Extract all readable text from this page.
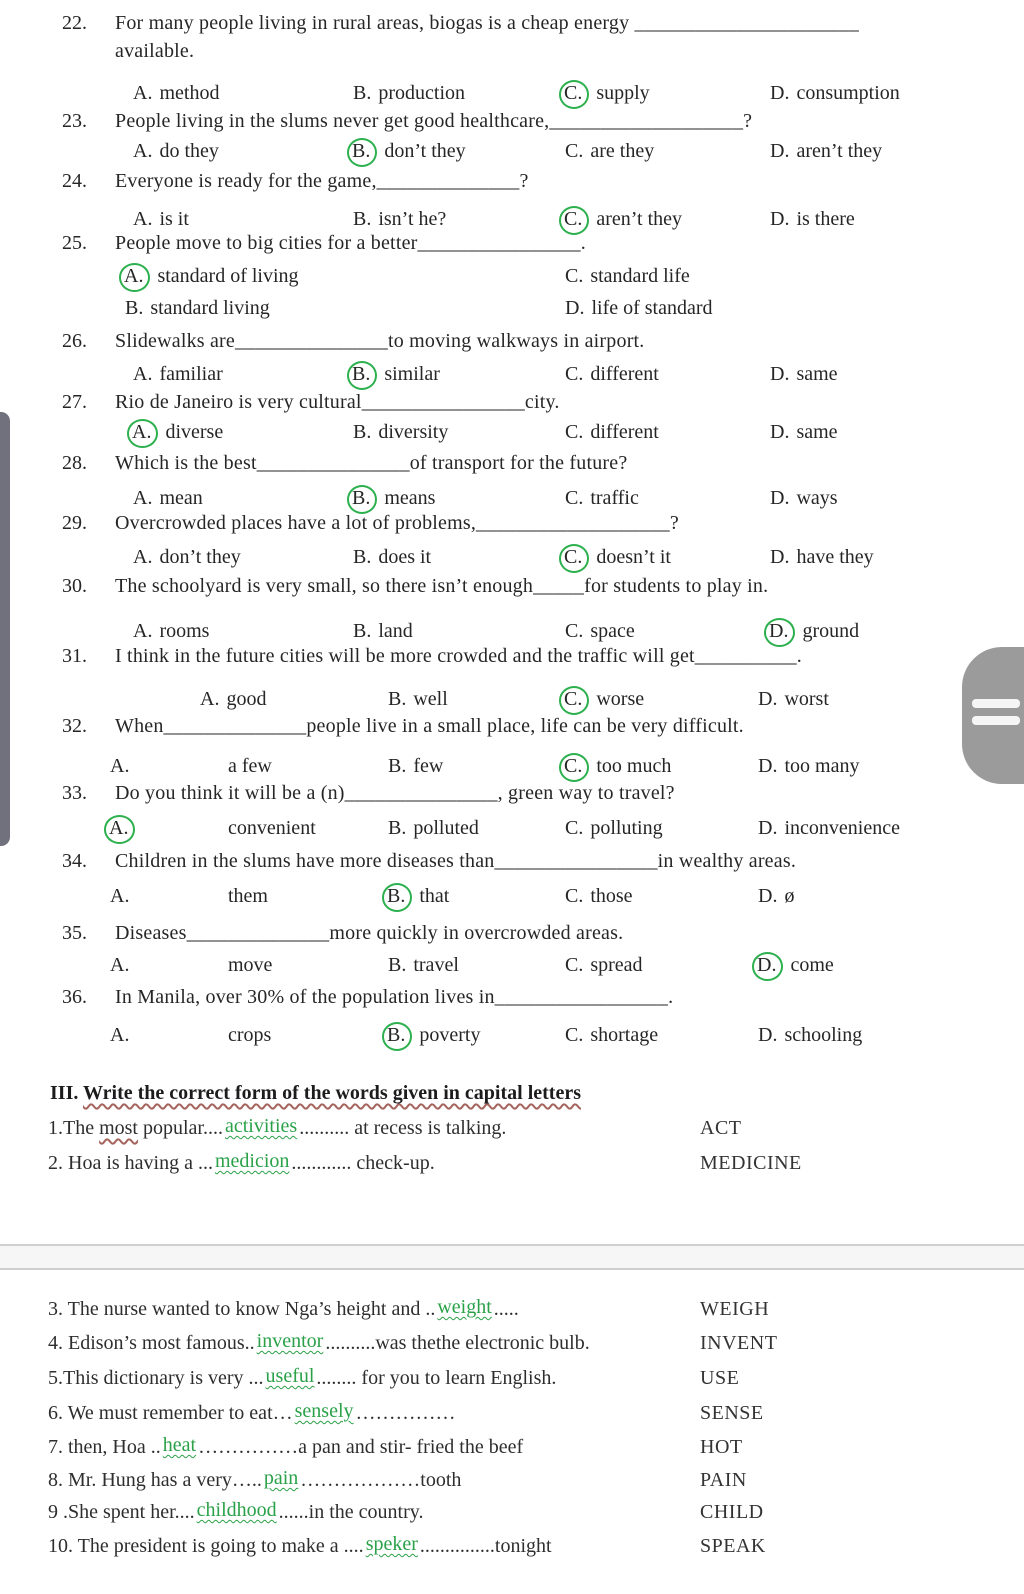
22. For many people living in rural areas, biogas is a cheap energy ______________________
available.
A. method	B. production	C. supply	D. consumption
23. People living in the slums never get good healthcare,___________________?
A. do they	B. don’t they	C. are they	D. aren’t they
24. Everyone is ready for the game,______________?
A. is it	B. isn’t he?	C. aren’t they	D. is there
25. People move to big cities for a better________________.
A. standard of living
B. standard living
C. standard life
D. life of standard
26. Slidewalks are_______________to moving walkways in airport.
A. familiar	B. similar	C. different	D. same
27. Rio de Janeiro is very cultural________________city.
A. diverse	B. diversity	C. different	D. same
28. Which is the best_______________of transport for the future?
A. mean	B. means	C. traffic	D. ways
29. Overcrowded places have a lot of problems,___________________?
A. don’t they	B. does it	C. doesn’t it	D. have they
30. The schoolyard is very small, so there isn’t enough_____for students to play in.
A. rooms	B. land	C. space	D. ground
31. I think in the future cities will be more crowded and the traffic will get__________.
A. good	B. well	C. worse	D. worst
32. When______________people live in a small place, life can be very difficult.
A.	a few	B. few	C. too much	D. too many
33. Do you think it will be a (n)_______________, green way to travel?
A.	convenient	B. polluted	C. polluting	D. inconvenience
34. Children in the slums have more diseases than________________in wealthy areas.
A.	them	B. that	C. those	D. ø
35. Diseases______________more quickly in overcrowded areas.
A.	move	B. travel	C. spread	D. come
36. In Manila, over 30% of the population lives in_________________.
A.	crops	B. poverty	C. shortage	D. schooling
III. Write the correct form of the words given in capital letters
1.The most popular.... activities .......... at recess is talking.	ACT
2. Hoa is having a ... medicion ............ check-up.	MEDICINE
3. The nurse wanted to know Nga’s height and .. weight .....	WEIGH
4. Edison’s most famous.. inventor ..........was thethe electronic bulb.	INVENT
5.This dictionary is very ... useful ........ for you to learn English.	USE
6. We must remember to eat… sensely ……………	SENSE
7. then, Hoa .. heat ……………a pan and stir- fried the beef	HOT
8. Mr. Hung has a very….. pain ………………tooth	PAIN
9 .She spent her.... childhood ......in the country.	CHILD
10. The president is going to make a .... speker ...............tonight	SPEAK
